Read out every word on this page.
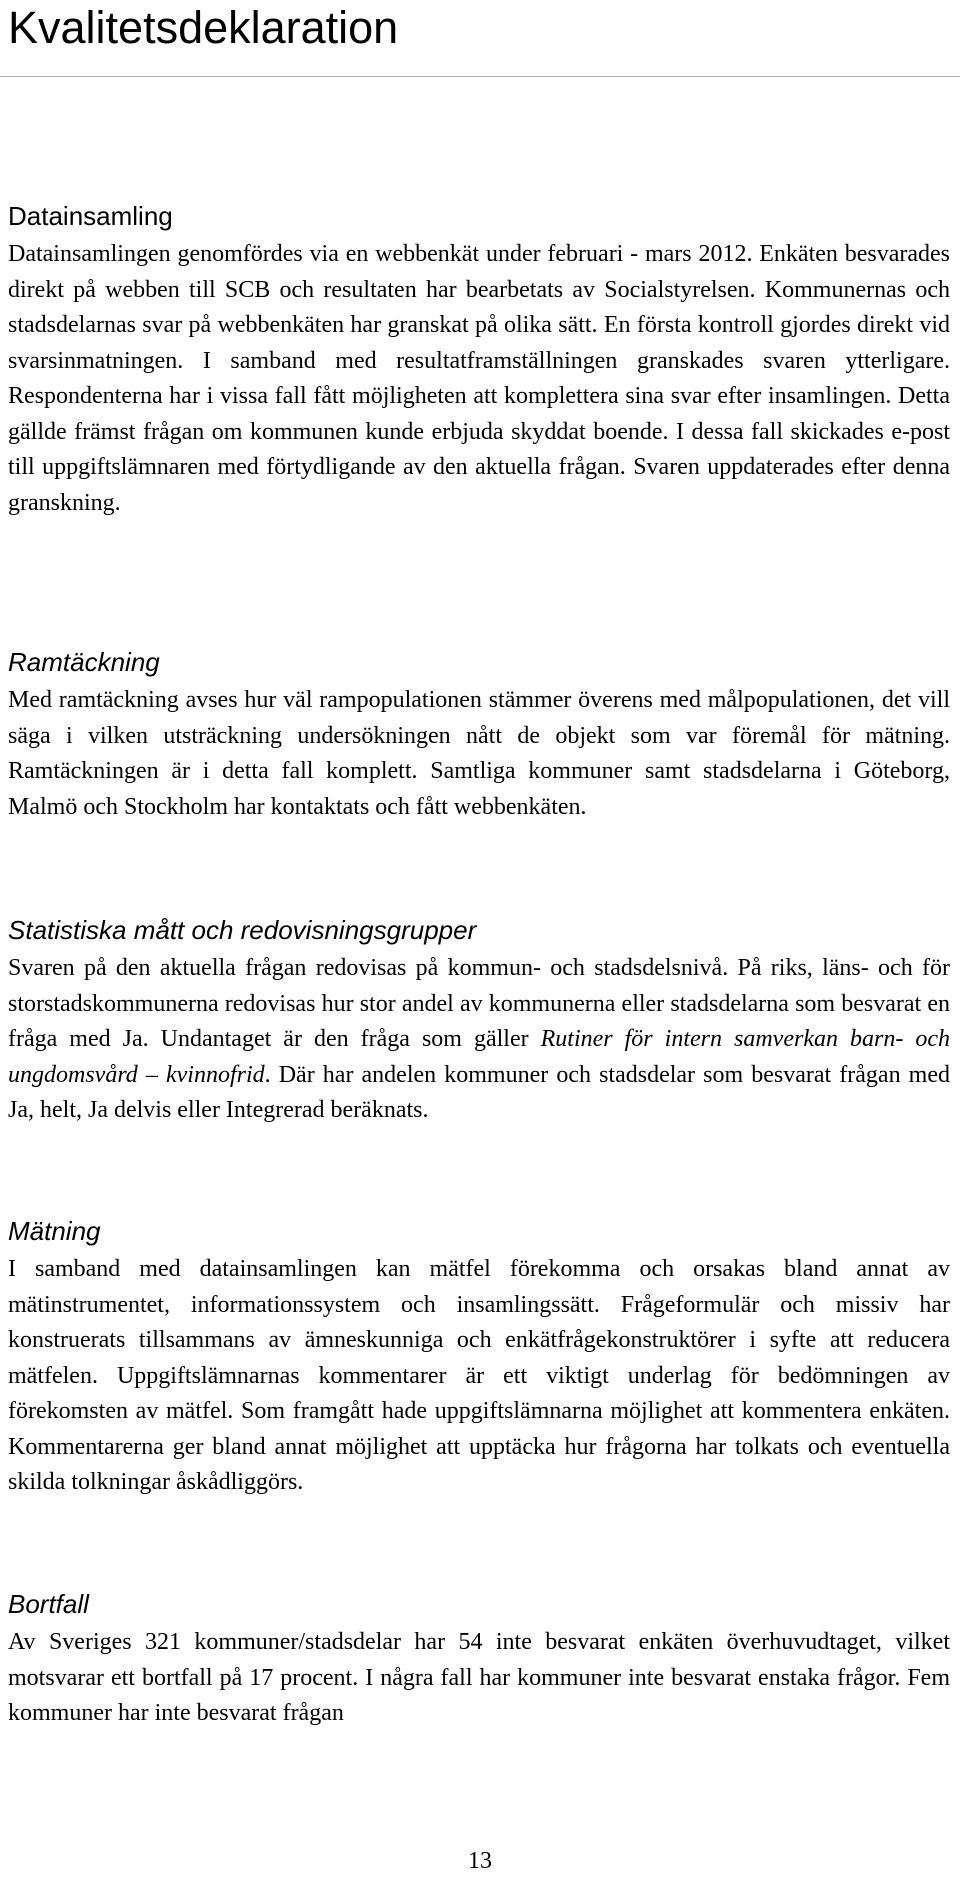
Kvalitetsdeklaration
Datainsamling

Datainsamlingen genomfördes via en webbenkät under februari - mars 2012. Enkäten besvarades direkt på webben till SCB och resultaten har bearbetats av Socialstyrelsen. Kommunernas och stadsdelarnas svar på webbenkäten har granskat på olika sätt. En första kontroll gjordes direkt vid svarsinmatningen. I samband med resultatframställningen granskades svaren ytterligare. Respondenterna har i vissa fall fått möjligheten att komplettera sina svar efter insamlingen. Detta gällde främst frågan om kommunen kunde erbjuda skyddat boende. I dessa fall skickades e-post till uppgiftslämnaren med förtydligande av den aktuella frågan. Svaren uppdaterades efter denna granskning.

Ramtäckning

Med ramtäckning avses hur väl rampopulationen stämmer överens med målpopulationen, det vill säga i vilken utsträckning undersökningen nått de objekt som var föremål för mätning. Ramtäckningen är i detta fall komplett. Samtliga kommuner samt stadsdelarna i Göteborg, Malmö och Stockholm har kontaktats och fått webbenkäten.

Statistiska mått och redovisningsgrupper

Svaren på den aktuella frågan redovisas på kommun- och stadsdelsnivå. På riks, läns- och för storstadskommunerna redovisas hur stor andel av kommunerna eller stadsdelarna som besvarat en fråga med Ja. Undantaget är den fråga som gäller Rutiner för intern samverkan barn- och ungdomsvård – kvinnofrid. Där har andelen kommuner och stadsdelar som besvarat frågan med Ja, helt, Ja delvis eller Integrerad beräknats.

Mätning

I samband med datainsamlingen kan mätfel förekomma och orsakas bland annat av mätinstrumentet, informationssystem och insamlingssätt. Frågeformulär och missiv har konstruerats tillsammans av ämneskunniga och enkätfrågekonstruktörer i syfte att reducera mätfelen. Uppgiftslämnarnas kommentarer är ett viktigt underlag för bedömningen av förekomsten av mätfel. Som framgått hade uppgiftslämnarna möjlighet att kommentera enkäten. Kommentarerna ger bland annat möjlighet att upptäcka hur frågorna har tolkats och eventuella skilda tolkningar åskådliggörs.

Bortfall

Av Sveriges 321 kommuner/stadsdelar har 54 inte besvarat enkäten överhuvudtaget, vilket motsvarar ett bortfall på 17 procent. I några fall har kommuner inte besvarat enstaka frågor. Fem kommuner har inte besvarat frågan

13
